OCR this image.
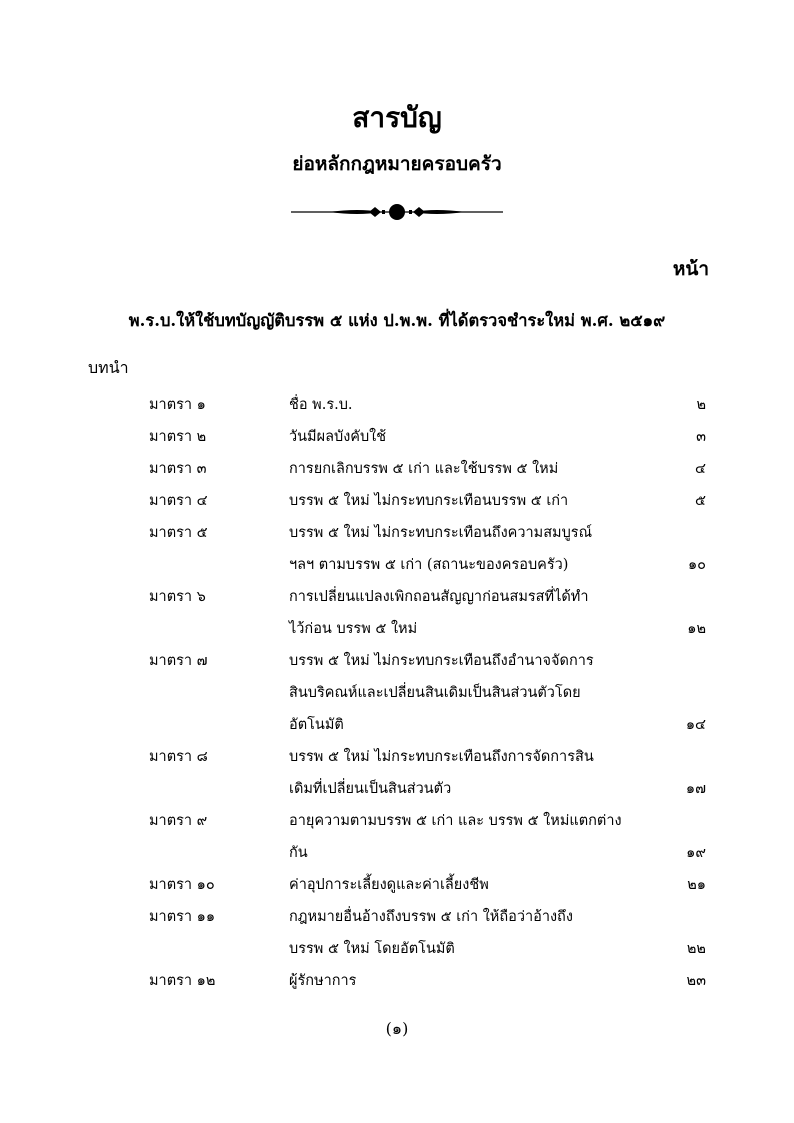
สารบัญ
ย่อหลักกฎหมายครอบครัว
หน้า
พ.ร.บ.ให้ใช้บทบัญญัติบรรพ ๕ แห่ง ป.พ.พ. ที่ได้ตรวจชำระใหม่ พ.ศ. ๒๕๑๙
บทนำ
มาตรา ๑	ชื่อ พ.ร.บ.	๒
มาตรา ๒	วันมีผลบังคับใช้	๓
มาตรา ๓	การยกเลิกบรรพ ๕ เก่า และใช้บรรพ ๕ ใหม่	๔
มาตรา ๔	บรรพ ๕ ใหม่ ไม่กระทบกระเทือนบรรพ ๕ เก่า	๕
มาตรา ๕	บรรพ ๕ ใหม่ ไม่กระทบกระเทือนถึงความสมบูรณ์
ฯลฯ ตามบรรพ ๕ เก่า (สถานะของครอบครัว)	๑๐
มาตรา ๖	การเปลี่ยนแปลงเพิกถอนสัญญาก่อนสมรสที่ได้ทำ
ไว้ก่อน บรรพ ๕ ใหม่	๑๒
มาตรา ๗	บรรพ ๕ ใหม่ ไม่กระทบกระเทือนถึงอำนาจจัดการ
สินบริคณห์และเปลี่ยนสินเดิมเป็นสินส่วนตัวโดย
อัตโนมัติ	๑๔
มาตรา ๘	บรรพ ๕ ใหม่ ไม่กระทบกระเทือนถึงการจัดการสิน
เดิมที่เปลี่ยนเป็นสินส่วนตัว	๑๗
มาตรา ๙	อายุความตามบรรพ ๕ เก่า และ บรรพ ๕ ใหม่แตกต่าง
กัน	๑๙
มาตรา ๑๐	ค่าอุปการะเลี้ยงดูและค่าเลี้ยงชีพ	๒๑
มาตรา ๑๑	กฎหมายอื่นอ้างถึงบรรพ ๕ เก่า ให้ถือว่าอ้างถึง
บรรพ ๕ ใหม่ โดยอัตโนมัติ	๒๒
มาตรา ๑๒	ผู้รักษาการ	๒๓
(๑)
